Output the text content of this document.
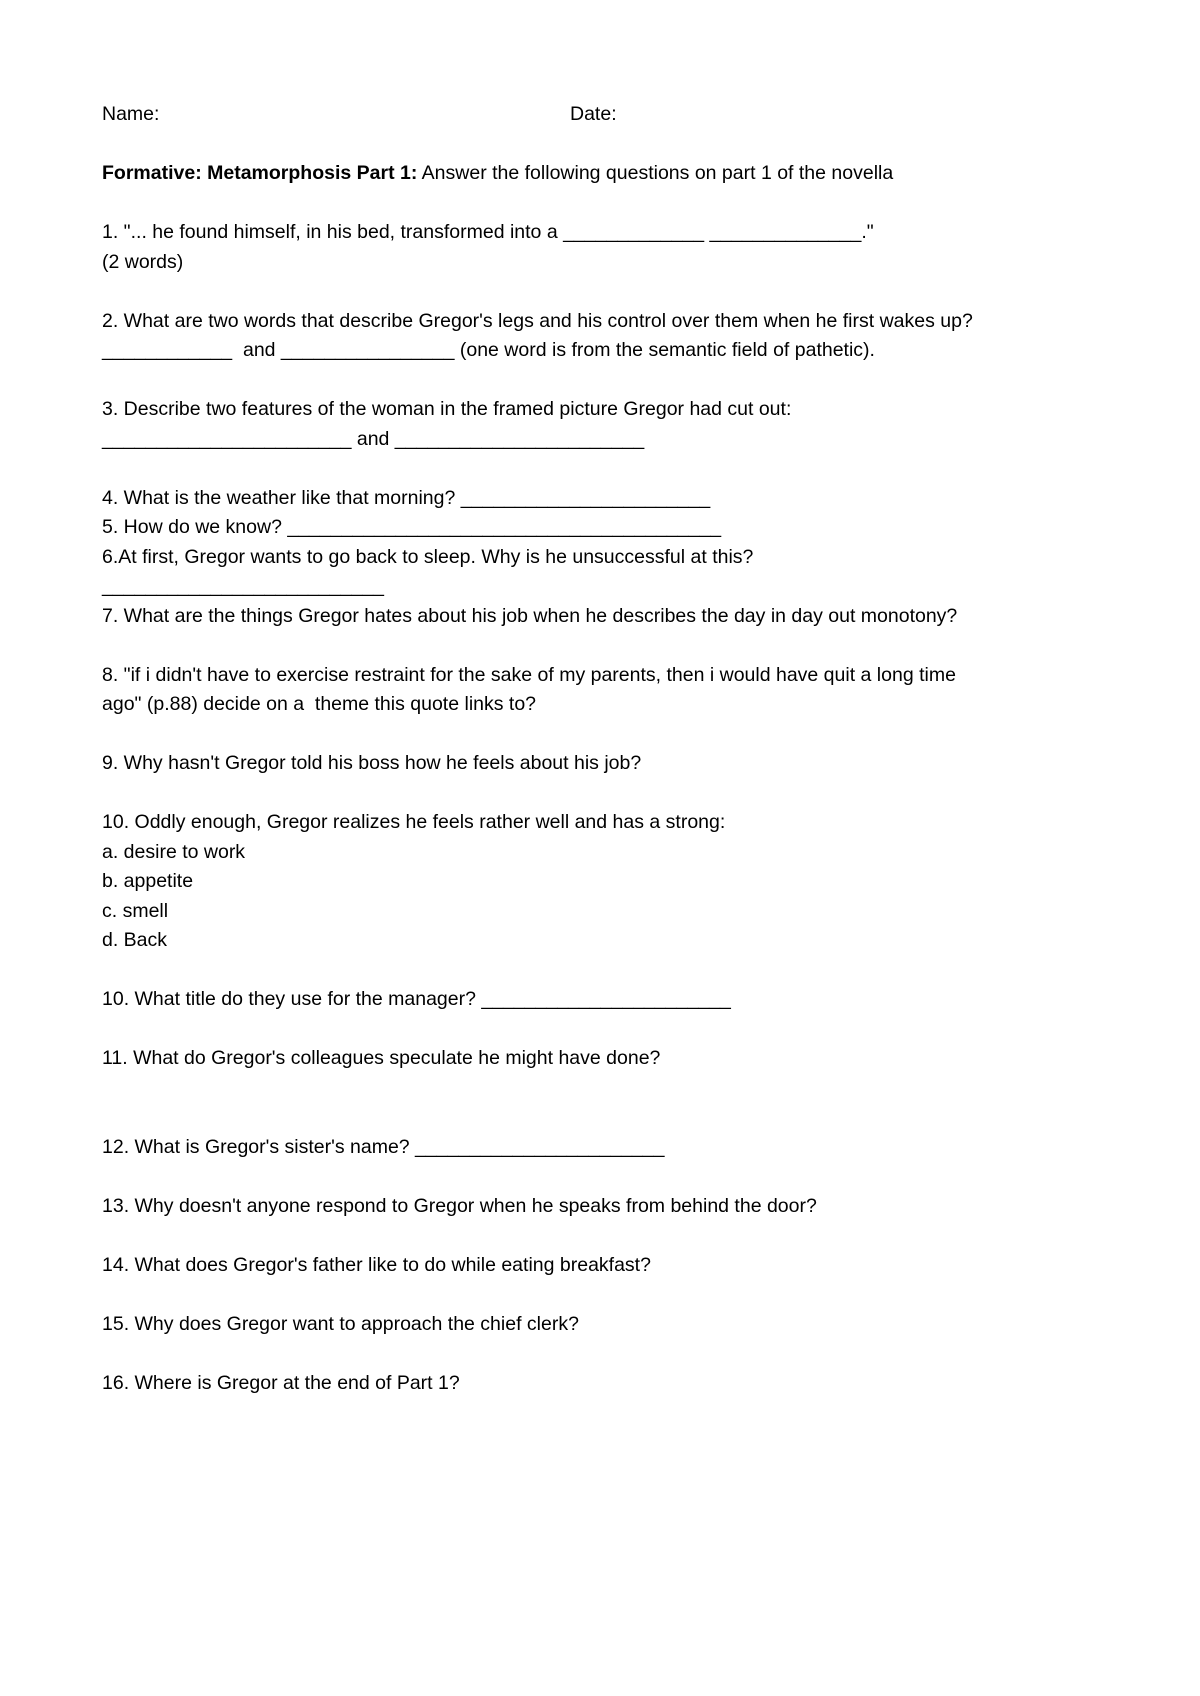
Name:	Date:
Formative: Metamorphosis Part 1: Answer the following questions on part 1 of the novella
1. "... he found himself, in his bed, transformed into a _____________ ______________."
(2 words)
2. What are two words that describe Gregor's legs and his control over them when he first wakes up?
____________  and ________________ (one word is from the semantic field of pathetic).
3. Describe two features of the woman in the framed picture Gregor had cut out:
_______________________ and _______________________
4. What is the weather like that morning? _______________________
5. How do we know? ________________________________________
6.At first, Gregor wants to go back to sleep. Why is he unsuccessful at this?
__________________________
7. What are the things Gregor hates about his job when he describes the day in day out monotony?
8. "if i didn't have to exercise restraint for the sake of my parents, then i would have quit a long time
ago" (p.88) decide on a  theme this quote links to?
9. Why hasn't Gregor told his boss how he feels about his job?
10. Oddly enough, Gregor realizes he feels rather well and has a strong:
a. desire to work
b. appetite
c. smell
d. Back
10. What title do they use for the manager? _______________________
11. What do Gregor's colleagues speculate he might have done?
12. What is Gregor's sister's name? _______________________
13. Why doesn't anyone respond to Gregor when he speaks from behind the door?
14. What does Gregor's father like to do while eating breakfast?
15. Why does Gregor want to approach the chief clerk?
16. Where is Gregor at the end of Part 1?
